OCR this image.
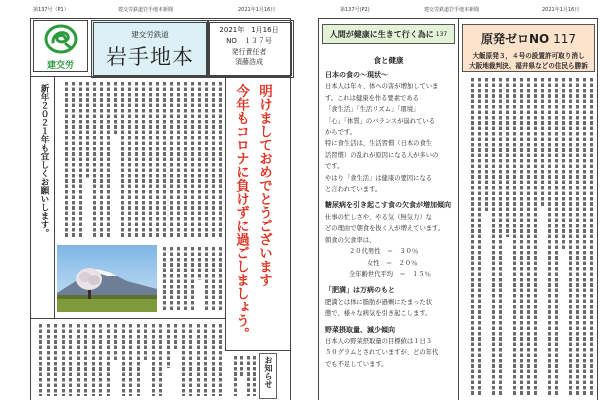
第137号（P1）	建交労鉄道岩手地本新聞	2021年1月16日
建交労
建交労鉄道
岩手地本
2021年　1月16日
NO　１３７号
発行責任者
須藤浩成
新年２０２１年も宜しくお願いします。	明けましておめでとうございます
今年もコロナに負けずに過ごしましょう。
お知らせ
第137号(P2)	建交労鉄道岩手地本新聞	2021年1月16日
人間が健康に生きて行く為に 137
食と健康
日本の食の～現状～
日本人は年々、体への害が増加していま
す。これは健康を作る要素である
「食生活」「生活リズム」「環境」
「心」「体質」のバランスが崩れている
からです。
特に食生活は、生活習慣（日本の食生
活習慣）の乱れが原因になる人が多いの
です。
やはり「食生活」は健康の要因になる
と言われています。
糖尿病を引き起こす食の欠食が増加傾向
仕事の忙しさや、やる気（無気力）な
どの理由で朝食を抜く人が増えています。
朝食の欠食率は、
２０代男性　＝　３０％
女性　＝　２０％
全年齢世代平均　＝　１５％
「肥満」は万病のもと
肥満とは体に脂肪が過剰にたまった状
態で、様々な病気を引き起こします。
野菜摂取量、減少傾向
日本人の野菜摂取量の目標値は１日３
５０グラムとされていますが、どの年代
でも不足しています。
原発ゼロNO 117
大飯原発３，４号の設置許可取り消し
大阪地裁判決、福井県などの住民ら勝訴
